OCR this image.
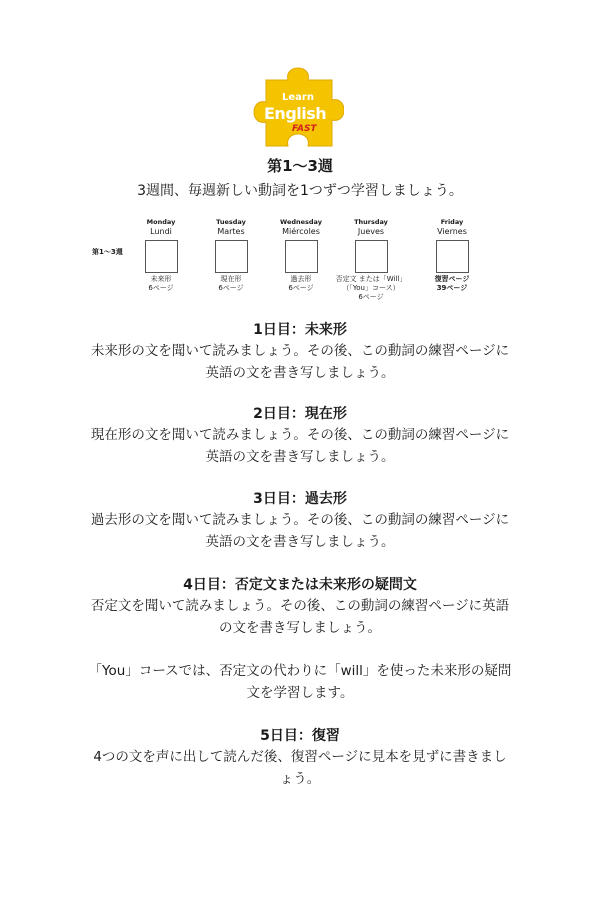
Learn
English
FAST
第1〜3週
3週間、毎週新しい動詞を1つずつ学習しましょう。
第1〜3週
Monday
Lundi
未来形
6ページ
Tuesday
Martes
現在形
6ページ
Wednesday
Miércoles
過去形
6ページ
Thursday
Jueves
否定文 または「Will」
（「You」コース）
6ページ
Friday
Viernes
復習ページ
39ページ
1日目：未来形

未来形の文を聞いて読みましょう。その後、この動詞の練習ページに
英語の文を書き写しましょう。

2日目：現在形

現在形の文を聞いて読みましょう。その後、この動詞の練習ページに
英語の文を書き写しましょう。

3日目：過去形

過去形の文を聞いて読みましょう。その後、この動詞の練習ページに
英語の文を書き写しましょう。

4日目：否定文または未来形の疑問文

否定文を聞いて読みましょう。その後、この動詞の練習ページに英語
の文を書き写しましょう。

「You」コースでは、否定文の代わりに「will」を使った未来形の疑問
文を学習します。

5日目：復習

4つの文を声に出して読んだ後、復習ページに見本を見ずに書きまし
ょう。
